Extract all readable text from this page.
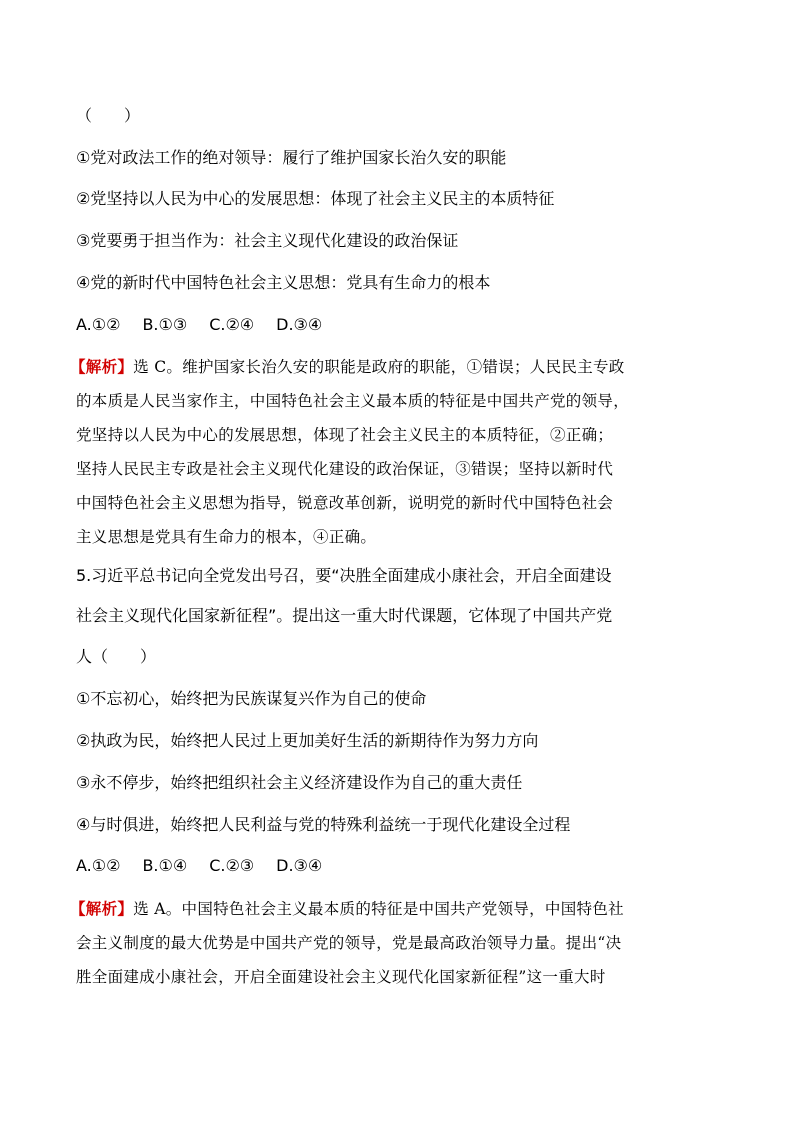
（　　）
①党对政法工作的绝对领导：履行了维护国家长治久安的职能
②党坚持以人民为中心的发展思想：体现了社会主义民主的本质特征
③党要勇于担当作为：社会主义现代化建设的政治保证
④党的新时代中国特色社会主义思想：党具有生命力的根本
A.①② B.①③ C.②④ D.③④
【解析】选 C。维护国家长治久安的职能是政府的职能，①错误；人民民主专政
的本质是人民当家作主，中国特色社会主义最本质的特征是中国共产党的领导，
党坚持以人民为中心的发展思想，体现了社会主义民主的本质特征，②正确；
坚持人民民主专政是社会主义现代化建设的政治保证，③错误；坚持以新时代
中国特色社会主义思想为指导，锐意改革创新，说明党的新时代中国特色社会
主义思想是党具有生命力的根本，④正确。
5.习近平总书记向全党发出号召，要“决胜全面建成小康社会，开启全面建设
社会主义现代化国家新征程”。提出这一重大时代课题，它体现了中国共产党
人（　　）
①不忘初心，始终把为民族谋复兴作为自己的使命
②执政为民，始终把人民过上更加美好生活的新期待作为努力方向
③永不停步，始终把组织社会主义经济建设作为自己的重大责任
④与时俱进，始终把人民利益与党的特殊利益统一于现代化建设全过程
A.①② B.①④ C.②③ D.③④
【解析】选 A。中国特色社会主义最本质的特征是中国共产党领导，中国特色社
会主义制度的最大优势是中国共产党的领导，党是最高政治领导力量。提出“决
胜全面建成小康社会，开启全面建设社会主义现代化国家新征程”这一重大时
